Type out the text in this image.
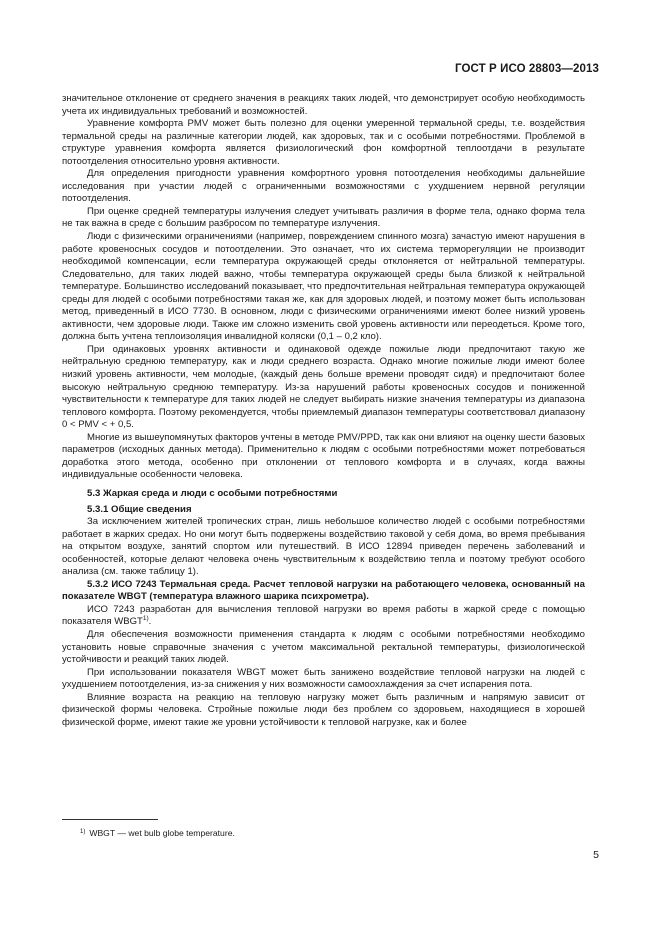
ГОСТ Р ИСО 28803—2013

значительное отклонение от среднего значения в реакциях таких людей, что демонстрирует особую необходимость учета их индивидуальных требований и возможностей.

Уравнение комфорта PMV может быть полезно для оценки умеренной термальной среды, т.е. воздействия термальной среды на различные категории людей, как здоровых, так и с особыми потребностями. Проблемой в структуре уравнения комфорта является физиологический фон комфортной теплоотдачи в результате потоотделения относительно уровня активности.

Для определения пригодности уравнения комфортного уровня потоотделения необходимы дальнейшие исследования при участии людей с ограниченными возможностями с ухудшением нервной регуляции потоотделения.

При оценке средней температуры излучения следует учитывать различия в форме тела, однако форма тела не так важна в среде с большим разбросом по температуре излучения.

Люди с физическими ограничениями (например, повреждением спинного мозга) зачастую имеют нарушения в работе кровеносных сосудов и потоотделении. Это означает, что их система терморегуляции не производит необходимой компенсации, если температура окружающей среды отклоняется от нейтральной температуры. Следовательно, для таких людей важно, чтобы температура окружающей среды была близкой к нейтральной температуре. Большинство исследований показывает, что предпочтительная нейтральная температура окружающей среды для людей с особыми потребностями такая же, как для здоровых людей, и поэтому может быть использован метод, приведенный в ИСО 7730. В основном, люди с физическими ограничениями имеют более низкий уровень активности, чем здоровые люди. Также им сложно изменить свой уровень активности или переодеться. Кроме того, должна быть учтена теплоизоляция инвалидной коляски (0,1 – 0,2 кло).

При одинаковых уровнях активности и одинаковой одежде пожилые люди предпочитают такую же нейтральную среднюю температуру, как и люди среднего возраста. Однако многие пожилые люди имеют более низкий уровень активности, чем молодые, (каждый день больше времени проводят сидя) и предпочитают более высокую нейтральную среднюю температуру. Из-за нарушений работы кровеносных сосудов и пониженной чувствительности к температуре для таких людей не следует выбирать низкие значения температуры из диапазона теплового комфорта. Поэтому рекомендуется, чтобы приемлемый диапазон температуры соответствовал диапазону 0 < PMV < + 0,5.

Многие из вышеупомянутых факторов учтены в методе PMV/PPD, так как они влияют на оценку шести базовых параметров (исходных данных метода). Применительно к людям с особыми потребностями может потребоваться доработка этого метода, особенно при отклонении от теплового комфорта и в случаях, когда важны индивидуальные особенности человека.

5.3 Жаркая среда и люди с особыми потребностями
5.3.1 Общие сведения

За исключением жителей тропических стран, лишь небольшое количество людей с особыми потребностями работает в жарких средах. Но они могут быть подвержены воздействию таковой у себя дома, во время пребывания на открытом воздухе, занятий спортом или путешествий. В ИСО 12894 приведен перечень заболеваний и особенностей, которые делают человека очень чувствительным к воздействию тепла и поэтому требуют особого анализа (см. также таблицу 1).

5.3.2 ИСО 7243 Термальная среда. Расчет тепловой нагрузки на работающего человека, основанный на показателе WBGT (температура влажного шарика психрометра).

ИСО 7243 разработан для вычисления тепловой нагрузки во время работы в жаркой среде с помощью показателя WBGT$^{1)}$.

Для обеспечения возможности применения стандарта к людям с особыми потребностями необходимо установить новые справочные значения с учетом максимальной ректальной температуры, физиологической устойчивости и реакций таких людей.

При использовании показателя WBGT может быть занижено воздействие тепловой нагрузки на людей с ухудшением потоотделения, из-за снижения у них возможности самоохлаждения за счет испарения пота.

Влияние возраста на реакцию на тепловую нагрузку может быть различным и напрямую зависит от физической формы человека. Стройные пожилые люди без проблем со здоровьем, находящиеся в хорошей физической форме, имеют такие же уровни устойчивости к тепловой нагрузке, как и более

$^{1)}$ WBGT — wet bulb globe temperature.
5
